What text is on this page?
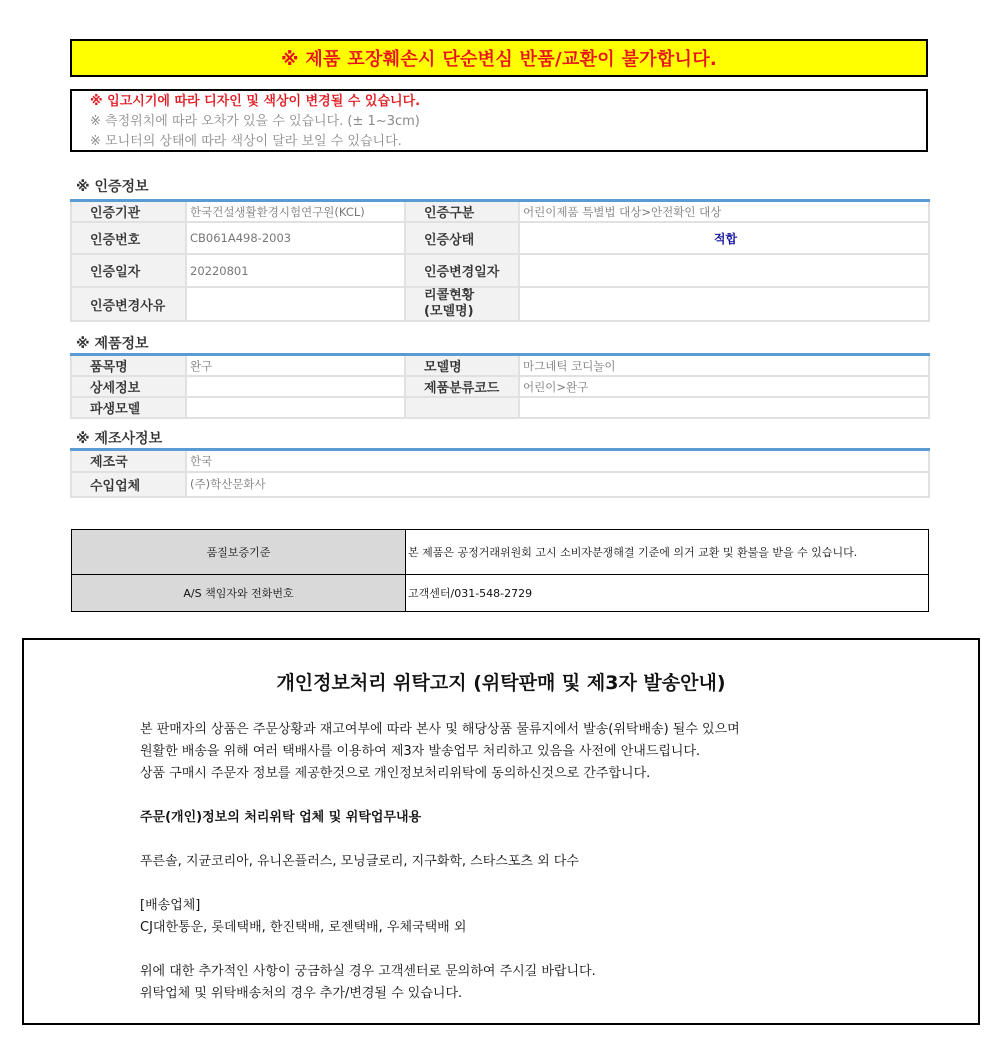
※ 제품 포장훼손시 단순변심 반품/교환이 불가합니다.
※ 입고시기에 따라 디자인 및 색상이 변경될 수 있습니다.
※ 측정위치에 따라 오차가 있을 수 있습니다. (± 1~3cm)
※ 모니터의 상태에 따라 색상이 달라 보일 수 있습니다.
※ 인증정보
인증기관	한국건설생활환경시험연구원(KCL)	인증구분	어린이제품 특별법 대상>안전확인 대상
인증번호	CB061A498-2003	인증상태	적합
인증일자	20220801	인증변경일자	
인증변경사유		리콜현황
(모델명)	

※ 제품정보
품목명	완구	모델명	마그네틱 코디놀이
상세정보		제품분류코드	어린이>완구
파생모델			
※ 제조사정보
제조국	한국
수입업체	(주)학산문화사
품질보증기준	본 제품은 공정거래위원회 고시 소비자분쟁해결 기준에 의거 교환 및 환불을 받을 수 있습니다.
A/S 책임자와 전화번호	고객센터/031-548-2729
개인정보처리 위탁고지 (위탁판매 및 제3자 발송안내)
본 판매자의 상품은 주문상황과 재고여부에 따라 본사 및 해당상품 물류지에서 발송(위탁배송) 될수 있으며
원활한 배송을 위해 여러 택배사를 이용하여 제3자 발송업무 처리하고 있음을 사전에 안내드립니다.
상품 구매시 주문자 정보를 제공한것으로 개인정보처리위탁에 동의하신것으로 간주합니다.
주문(개인)정보의 처리위탁 업체 및 위탁업무내용
푸른솔, 지균코리아, 유니온플러스, 모닝글로리, 지구화학, 스타스포츠 외 다수
[배송업체]
CJ대한통운, 롯데택배, 한진택배, 로젠택배, 우체국택배 외
위에 대한 추가적인 사항이 궁금하실 경우 고객센터로 문의하여 주시길 바랍니다.
위탁업체 및 위탁배송처의 경우 추가/변경될 수 있습니다.
